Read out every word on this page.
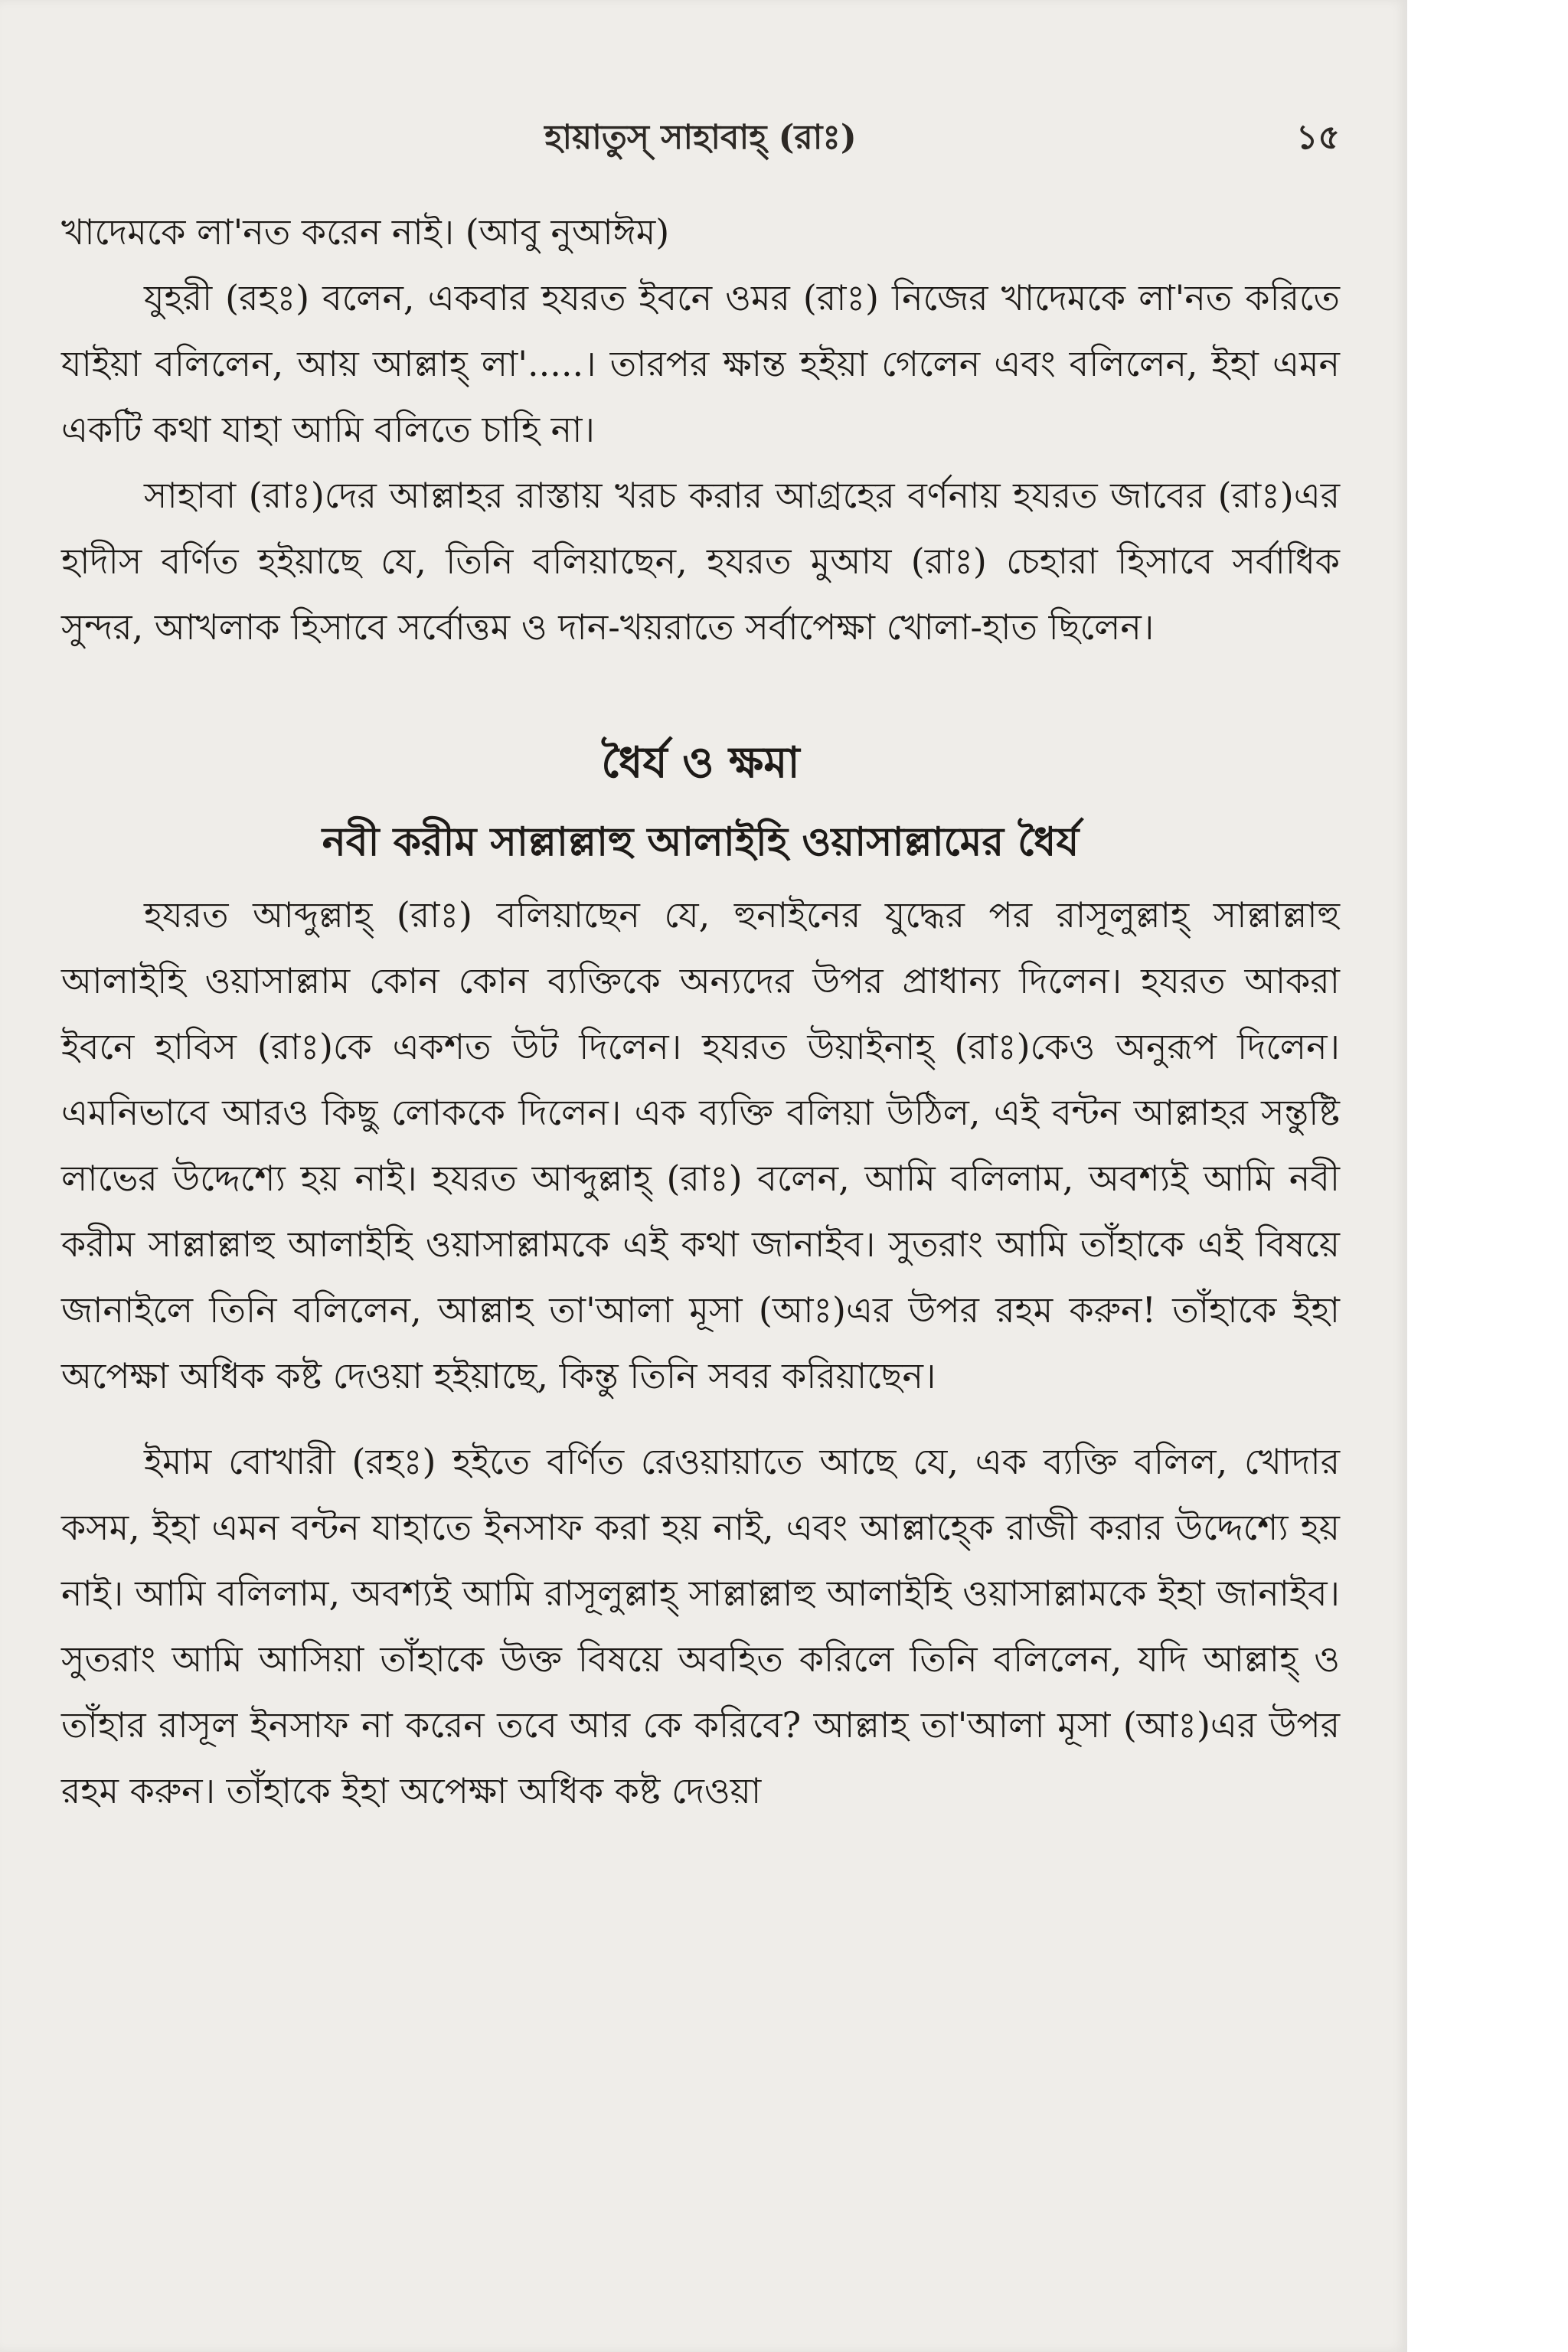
হায়াতুস্ সাহাবাহ্ (রাঃ)	১৫

খাদেমকে লা'নত করেন নাই। (আবু নুআঈম)

যুহরী (রহঃ) বলেন, একবার হযরত ইবনে ওমর (রাঃ) নিজের খাদেমকে লা'নত করিতে যাইয়া বলিলেন, আয় আল্লাহ্ লা'.....। তারপর ক্ষান্ত হইয়া গেলেন এবং বলিলেন, ইহা এমন একটি কথা যাহা আমি বলিতে চাহি না।

সাহাবা (রাঃ)দের আল্লাহর রাস্তায় খরচ করার আগ্রহের বর্ণনায় হযরত জাবের (রাঃ)এর হাদীস বর্ণিত হইয়াছে যে, তিনি বলিয়াছেন, হযরত মুআয (রাঃ) চেহারা হিসাবে সর্বাধিক সুন্দর, আখলাক হিসাবে সর্বোত্তম ও দান-খয়রাতে সর্বাপেক্ষা খোলা-হাত ছিলেন।

ধৈর্য ও ক্ষমা
নবী করীম সাল্লাল্লাহু আলাইহি ওয়াসাল্লামের ধৈর্য

হযরত আব্দুল্লাহ্ (রাঃ) বলিয়াছেন যে, হুনাইনের যুদ্ধের পর রাসূলুল্লাহ্ সাল্লাল্লাহু আলাইহি ওয়াসাল্লাম কোন কোন ব্যক্তিকে অন্যদের উপর প্রাধান্য দিলেন। হযরত আকরা ইবনে হাবিস (রাঃ)কে একশত উট দিলেন। হযরত উয়াইনাহ্ (রাঃ)কেও অনুরূপ দিলেন। এমনিভাবে আরও কিছু লোককে দিলেন। এক ব্যক্তি বলিয়া উঠিল, এই বন্টন আল্লাহর সন্তুষ্টি লাভের উদ্দেশ্যে হয় নাই। হযরত আব্দুল্লাহ্ (রাঃ) বলেন, আমি বলিলাম, অবশ্যই আমি নবী করীম সাল্লাল্লাহু আলাইহি ওয়াসাল্লামকে এই কথা জানাইব। সুতরাং আমি তাঁহাকে এই বিষয়ে জানাইলে তিনি বলিলেন, আল্লাহ তা'আলা মূসা (আঃ)এর উপর রহম করুন! তাঁহাকে ইহা অপেক্ষা অধিক কষ্ট দেওয়া হইয়াছে, কিন্তু তিনি সবর করিয়াছেন।

ইমাম বোখারী (রহঃ) হইতে বর্ণিত রেওয়ায়াতে আছে যে, এক ব্যক্তি বলিল, খোদার কসম, ইহা এমন বন্টন যাহাতে ইনসাফ করা হয় নাই, এবং আল্লাহ্কে রাজী করার উদ্দেশ্যে হয় নাই। আমি বলিলাম, অবশ্যই আমি রাসূলুল্লাহ্ সাল্লাল্লাহু আলাইহি ওয়াসাল্লামকে ইহা জানাইব। সুতরাং আমি আসিয়া তাঁহাকে উক্ত বিষয়ে অবহিত করিলে তিনি বলিলেন, যদি আল্লাহ্ ও তাঁহার রাসূল ইনসাফ না করেন তবে আর কে করিবে? আল্লাহ তা'আলা মূসা (আঃ)এর উপর রহম করুন। তাঁহাকে ইহা অপেক্ষা অধিক কষ্ট দেওয়া
